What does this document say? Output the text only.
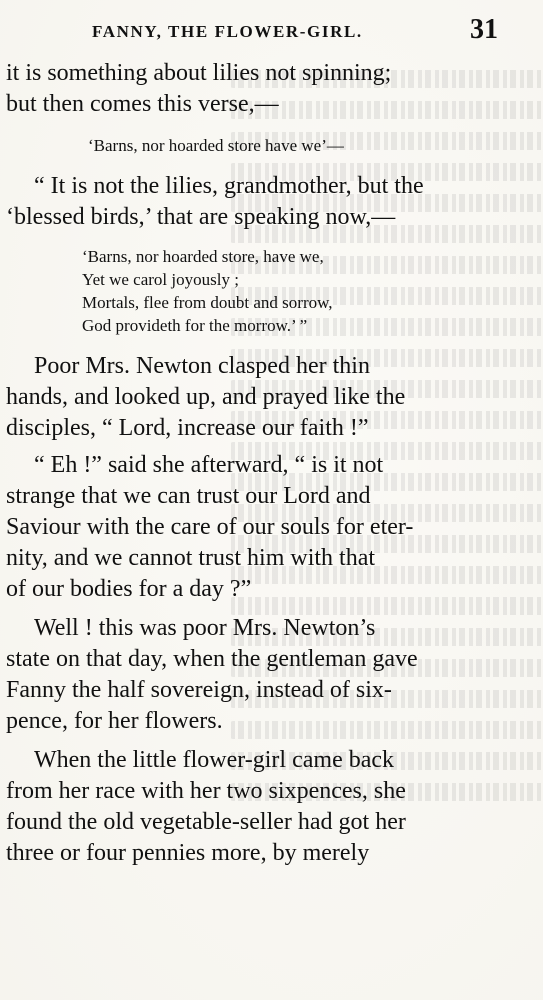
FANNY, THE FLOWER-GIRL.	31

it is something about lilies not spinning;
but then comes this verse,—

‘Barns, nor hoarded store have we’—

“ It is not the lilies, grandmother, but the
‘blessed birds,’ that are speaking now,—

‘Barns, nor hoarded store, have we,
Yet we carol joyously ;
Mortals, flee from doubt and sorrow,
God provideth for the morrow.’ ”

Poor Mrs. Newton clasped her thin
hands, and looked up, and prayed like the
disciples, “ Lord, increase our faith !”

“ Eh !” said she afterward, “ is it not
strange that we can trust our Lord and
Saviour with the care of our souls for eter-
nity, and we cannot trust him with that
of our bodies for a day ?”

Well ! this was poor Mrs. Newton’s
state on that day, when the gentleman gave
Fanny the half sovereign, instead of six-
pence, for her flowers.

When the little flower-girl came back
from her race with her two sixpences, she
found the old vegetable-seller had got her
three or four pennies more, by merely
